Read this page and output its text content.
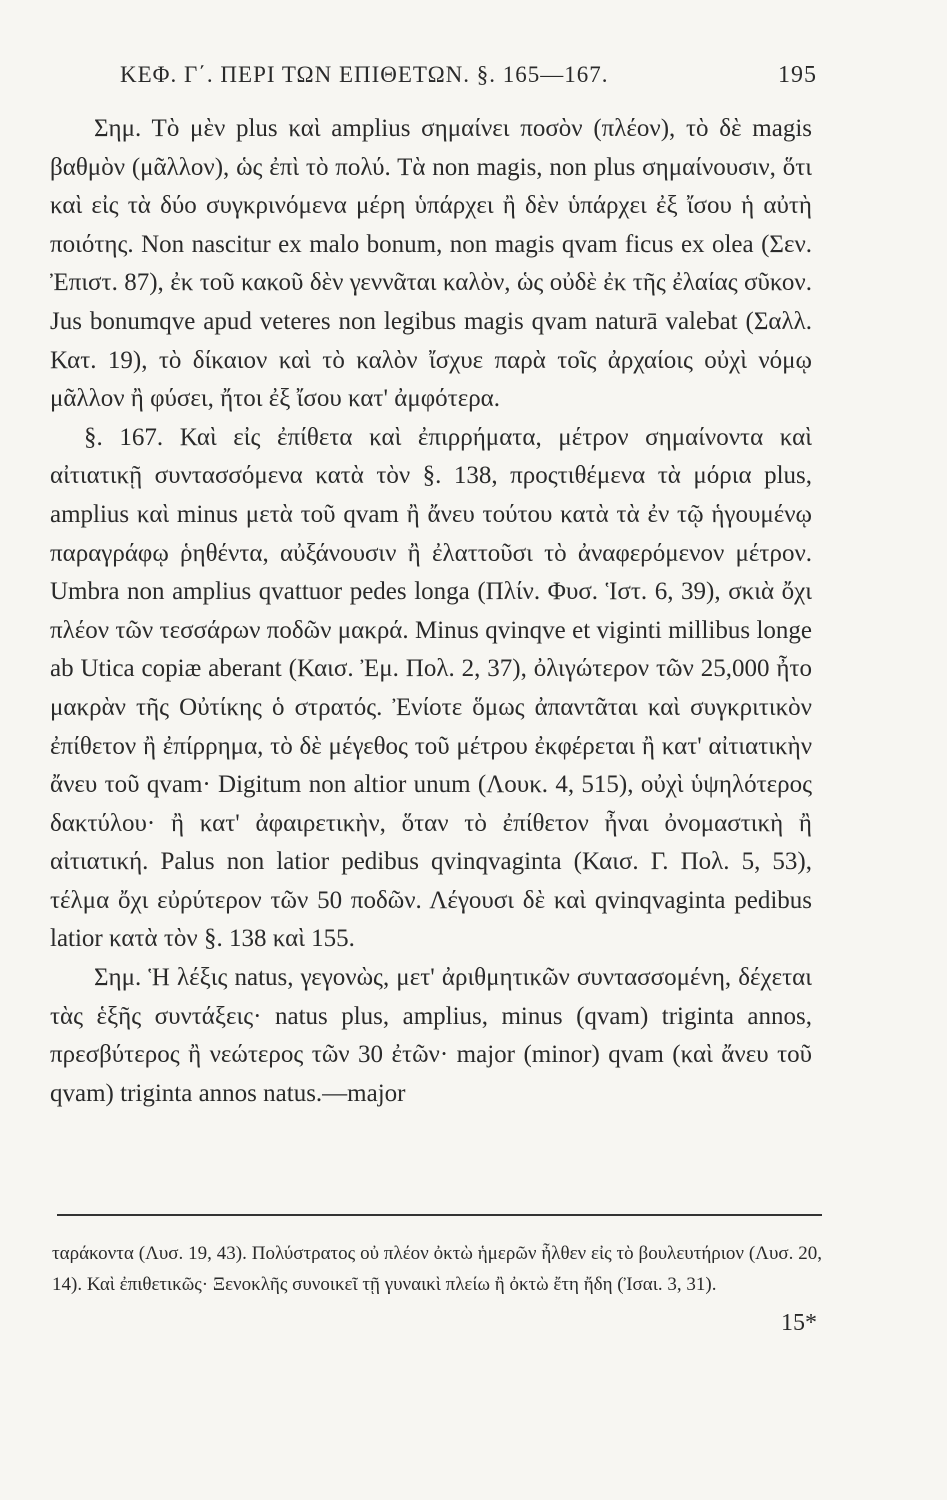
ΚΕΦ. Γ΄. ΠΕΡΙ ΤΩΝ ΕΠΙΘΕΤΩΝ. §. 165—167.	195

Σημ. Τὸ μὲν plus καὶ amplius σημαίνει ποσὸν (πλέον), τὸ δὲ magis βαθμὸν (μᾶλλον), ὡς ἐπὶ τὸ πολύ. Τὰ non magis, non plus σημαίνουσιν, ὅτι καὶ εἰς τὰ δύο συγκρινόμενα μέρη ὑπάρχει ἢ δὲν ὑπάρχει ἐξ ἴσου ἡ αὐτὴ ποιότης. Non nascitur ex malo bonum, non magis qvam ficus ex olea (Σεν. Ἐπιστ. 87), ἐκ τοῦ κακοῦ δὲν γεννᾶται καλὸν, ὡς οὐδὲ ἐκ τῆς ἐλαίας σῦκον. Jus bonumqve apud veteres non legibus magis qvam naturā valebat (Σαλλ. Κατ. 19), τὸ δίκαιον καὶ τὸ καλὸν ἴσχυε παρὰ τοῖς ἀρχαίοις οὐχὶ νόμῳ μᾶλλον ἢ φύσει, ἤτοι ἐξ ἴσου κατ' ἀμφότερα.

§. 167. Καὶ εἰς ἐπίθετα καὶ ἐπιρρήματα, μέτρον σημαίνοντα καὶ αἰτιατικῇ συντασσόμενα κατὰ τὸν §. 138, προςτιθέμενα τὰ μόρια plus, amplius καὶ minus μετὰ τοῦ qvam ἢ ἄνευ τούτου κατὰ τὰ ἐν τῷ ἡγουμένῳ παραγράφῳ ῥηθέντα, αὐξάνουσιν ἢ ἐλαττοῦσι τὸ ἀναφερόμενον μέτρον. Umbra non amplius qvattuor pedes longa (Πλίν. Φυσ. Ἱστ. 6, 39), σκιὰ ὄχι πλέον τῶν τεσσάρων ποδῶν μακρά. Minus qvinqve et viginti millibus longe ab Utica copiæ aberant (Καισ. Ἐμ. Πολ. 2, 37), ὀλιγώτερον τῶν 25,000 ἦτο μακρὰν τῆς Οὐτίκης ὁ στρατός. Ἐνίοτε ὅμως ἀπαντᾶται καὶ συγκριτικὸν ἐπίθετον ἢ ἐπίρρημα, τὸ δὲ μέγεθος τοῦ μέτρου ἐκφέρεται ἢ κατ' αἰτιατικὴν ἄνευ τοῦ qvam· Digitum non altior unum (Λουκ. 4, 515), οὐχὶ ὑψηλότερος δακτύλου· ἢ κατ' ἀφαιρετικὴν, ὅταν τὸ ἐπίθετον ἦναι ὀνομαστικὴ ἢ αἰτιατική. Palus non latior pedibus qvinqvaginta (Καισ. Γ. Πολ. 5, 53), τέλμα ὄχι εὐρύτερον τῶν 50 ποδῶν. Λέγουσι δὲ καὶ qvinqvaginta pedibus latior κατὰ τὸν §. 138 καὶ 155.

Σημ. Ἡ λέξις natus, γεγονὼς, μετ' ἀριθμητικῶν συντασσομένη, δέχεται τὰς ἑξῆς συντάξεις· natus plus, amplius, minus (qvam) triginta annos, πρεσβύτερος ἢ νεώτερος τῶν 30 ἐτῶν· major (minor) qvam (καὶ ἄνευ τοῦ qvam) triginta annos natus.—major

ταράκοντα (Λυσ. 19, 43). Πολύστρατος οὐ πλέον ὀκτὼ ἡμερῶν ἦλθεν εἰς τὸ βουλευτήριον (Λυσ. 20, 14). Καὶ ἐπιθετικῶς· Ξενοκλῆς συνοικεῖ τῇ γυναικὶ πλείω ἢ ὀκτὼ ἔτη ἤδη (Ἰσαι. 3, 31).
15*
